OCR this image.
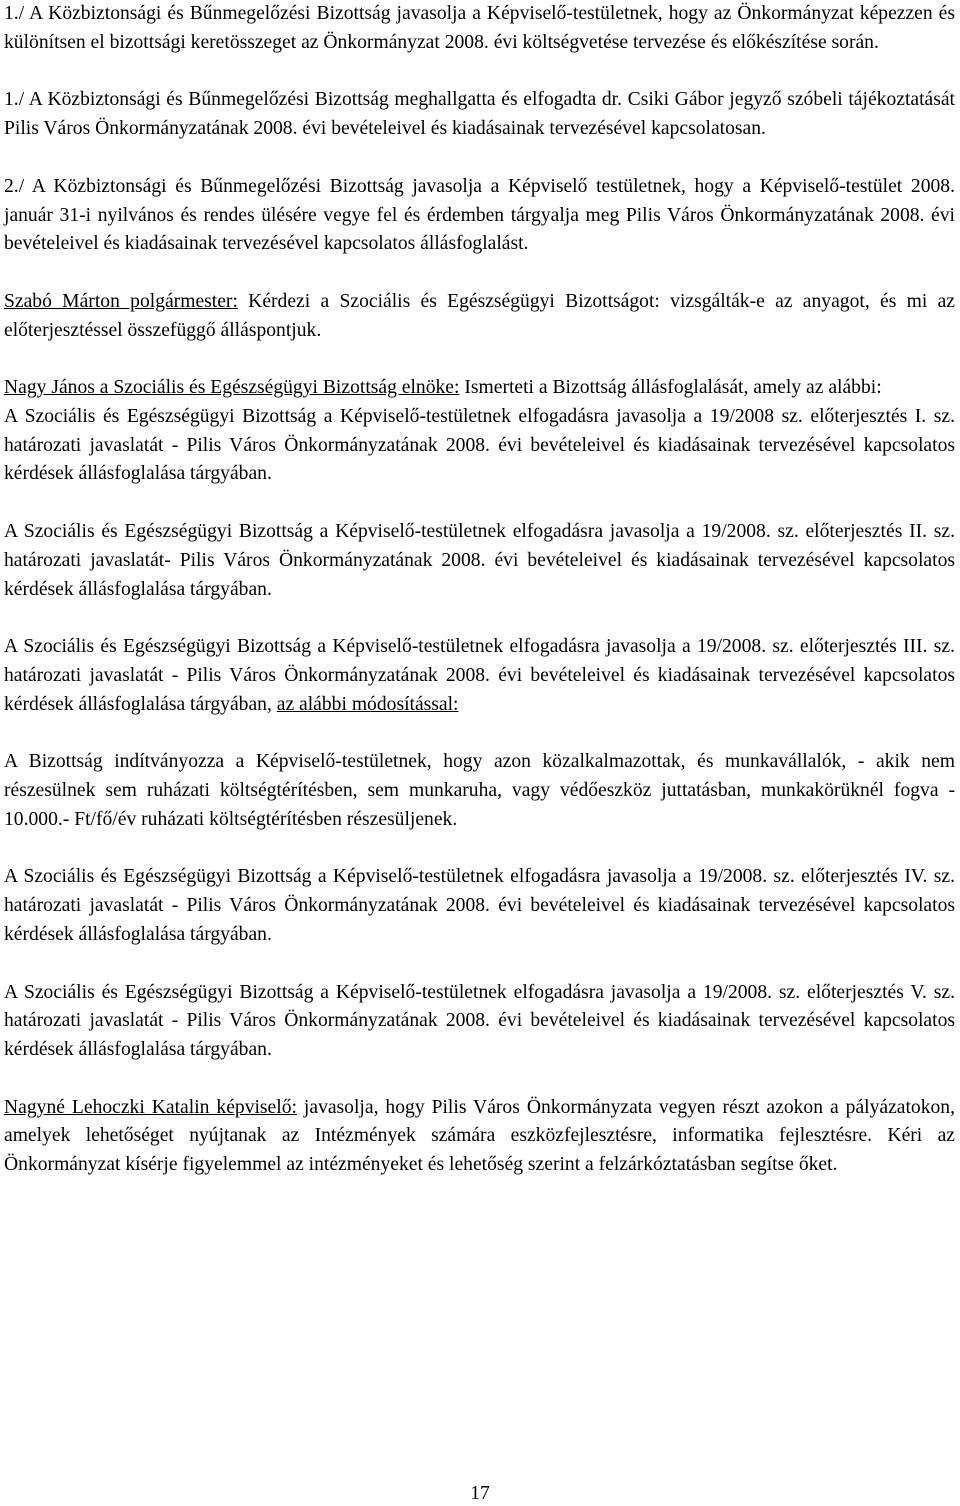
1./ A Közbiztonsági és Bűnmegelőzési Bizottság javasolja a Képviselő-testületnek, hogy az Önkormányzat képezzen és különítsen el bizottsági keretösszeget az Önkormányzat 2008. évi költségvetése tervezése és előkészítése során.

1./ A Közbiztonsági és Bűnmegelőzési Bizottság meghallgatta és elfogadta dr. Csiki Gábor jegyző szóbeli tájékoztatását Pilis Város Önkormányzatának 2008. évi bevételeivel és kiadásainak tervezésével kapcsolatosan.

2./ A Közbiztonsági és Bűnmegelőzési Bizottság javasolja a Képviselő testületnek, hogy a Képviselő-testület 2008. január 31-i nyilvános és rendes ülésére vegye fel és érdemben tárgyalja meg Pilis Város Önkormányzatának 2008. évi bevételeivel és kiadásainak tervezésével kapcsolatos állásfoglalást.

Szabó Márton polgármester: Kérdezi a Szociális és Egészségügyi Bizottságot: vizsgálták-e az anyagot, és mi az előterjesztéssel összefüggő álláspontjuk.

Nagy János a Szociális és Egészségügyi Bizottság elnöke: Ismerteti a Bizottság állásfoglalását, amely az alábbi:

A Szociális és Egészségügyi Bizottság a Képviselő-testületnek elfogadásra javasolja a 19/2008 sz. előterjesztés I. sz. határozati javaslatát - Pilis Város Önkormányzatának 2008. évi bevételeivel és kiadásainak tervezésével kapcsolatos kérdések állásfoglalása tárgyában.

A Szociális és Egészségügyi Bizottság a Képviselő-testületnek elfogadásra javasolja a 19/2008. sz. előterjesztés II. sz. határozati javaslatát- Pilis Város Önkormányzatának 2008. évi bevételeivel és kiadásainak tervezésével kapcsolatos kérdések állásfoglalása tárgyában.

A Szociális és Egészségügyi Bizottság a Képviselő-testületnek elfogadásra javasolja a 19/2008. sz. előterjesztés III. sz. határozati javaslatát - Pilis Város Önkormányzatának 2008. évi bevételeivel és kiadásainak tervezésével kapcsolatos kérdések állásfoglalása tárgyában, az alábbi módosítással:

A Bizottság indítványozza a Képviselő-testületnek, hogy azon közalkalmazottak, és munkavállalók, - akik nem részesülnek sem ruházati költségtérítésben, sem munkaruha, vagy védőeszköz juttatásban, munkakörüknél fogva - 10.000.- Ft/fő/év ruházati költségtérítésben részesüljenek.

A Szociális és Egészségügyi Bizottság a Képviselő-testületnek elfogadásra javasolja a 19/2008. sz. előterjesztés IV. sz. határozati javaslatát - Pilis Város Önkormányzatának 2008. évi bevételeivel és kiadásainak tervezésével kapcsolatos kérdések állásfoglalása tárgyában.

A Szociális és Egészségügyi Bizottság a Képviselő-testületnek elfogadásra javasolja a 19/2008. sz. előterjesztés V. sz. határozati javaslatát - Pilis Város Önkormányzatának 2008. évi bevételeivel és kiadásainak tervezésével kapcsolatos kérdések állásfoglalása tárgyában.

Nagyné Lehoczki Katalin képviselő: javasolja, hogy Pilis Város Önkormányzata vegyen részt azokon a pályázatokon, amelyek lehetőséget nyújtanak az Intézmények számára eszközfejlesztésre, informatika fejlesztésre. Kéri az Önkormányzat kísérje figyelemmel az intézményeket és lehetőség szerint a felzárkóztatásban segítse őket.

17
